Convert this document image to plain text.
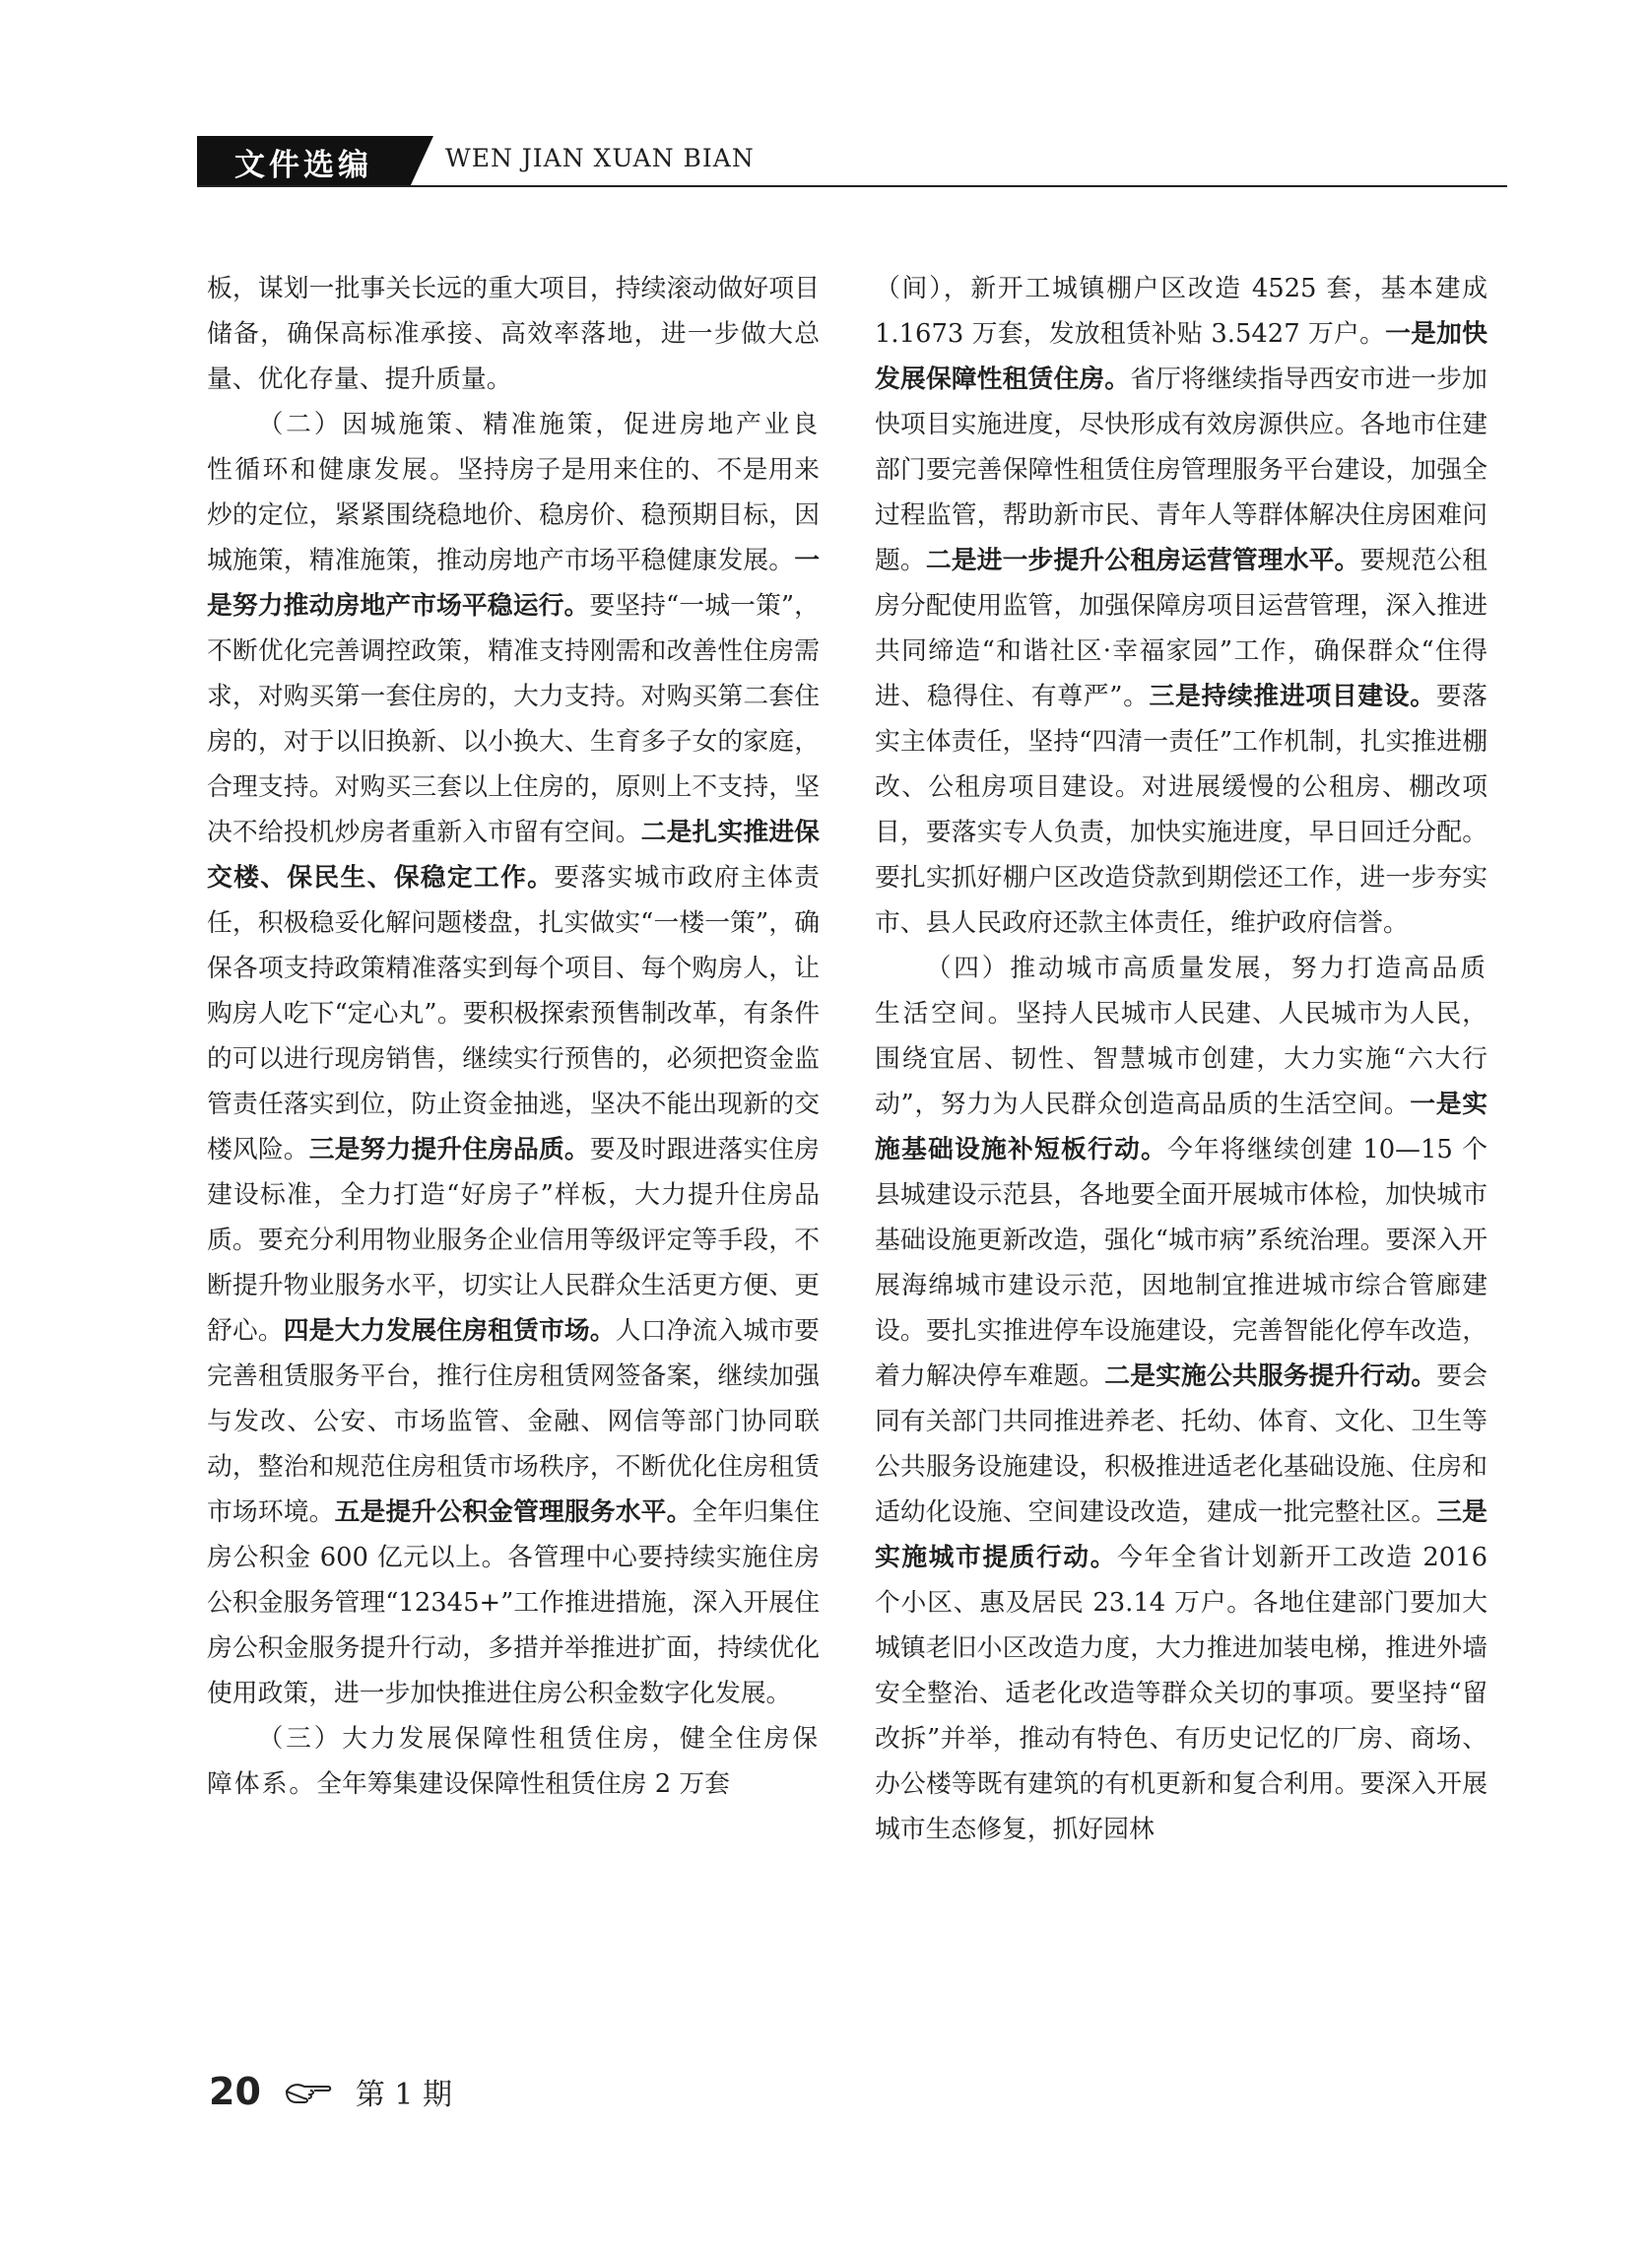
文件选编	WEN JIAN XUAN BIAN

板，谋划一批事关长远的重大项目，持续滚动做好项目储备，确保高标准承接、高效率落地，进一步做大总量、优化存量、提升质量。

（二）因城施策、精准施策，促进房地产业良性循环和健康发展。坚持房子是用来住的、不是用来炒的定位，紧紧围绕稳地价、稳房价、稳预期目标，因城施策，精准施策，推动房地产市场平稳健康发展。一是努力推动房地产市场平稳运行。要坚持“一城一策”，不断优化完善调控政策，精准支持刚需和改善性住房需求，对购买第一套住房的，大力支持。对购买第二套住房的，对于以旧换新、以小换大、生育多子女的家庭，合理支持。对购买三套以上住房的，原则上不支持，坚决不给投机炒房者重新入市留有空间。二是扎实推进保交楼、保民生、保稳定工作。要落实城市政府主体责任，积极稳妥化解问题楼盘，扎实做实“一楼一策”，确保各项支持政策精准落实到每个项目、每个购房人，让购房人吃下“定心丸”。要积极探索预售制改革，有条件的可以进行现房销售，继续实行预售的，必须把资金监管责任落实到位，防止资金抽逃，坚决不能出现新的交楼风险。三是努力提升住房品质。要及时跟进落实住房建设标准，全力打造“好房子”样板，大力提升住房品质。要充分利用物业服务企业信用等级评定等手段，不断提升物业服务水平，切实让人民群众生活更方便、更舒心。四是大力发展住房租赁市场。人口净流入城市要完善租赁服务平台，推行住房租赁网签备案，继续加强与发改、公安、市场监管、金融、网信等部门协同联动，整治和规范住房租赁市场秩序，不断优化住房租赁市场环境。五是提升公积金管理服务水平。全年归集住房公积金 600 亿元以上。各管理中心要持续实施住房公积金服务管理“12345+”工作推进措施，深入开展住房公积金服务提升行动，多措并举推进扩面，持续优化使用政策，进一步加快推进住房公积金数字化发展。

（三）大力发展保障性租赁住房，健全住房保障体系。全年筹集建设保障性租赁住房 2 万套

（间），新开工城镇棚户区改造 4525 套，基本建成 1.1673 万套，发放租赁补贴 3.5427 万户。一是加快发展保障性租赁住房。省厅将继续指导西安市进一步加快项目实施进度，尽快形成有效房源供应。各地市住建部门要完善保障性租赁住房管理服务平台建设，加强全过程监管，帮助新市民、青年人等群体解决住房困难问题。二是进一步提升公租房运营管理水平。要规范公租房分配使用监管，加强保障房项目运营管理，深入推进共同缔造“和谐社区·幸福家园”工作，确保群众“住得进、稳得住、有尊严”。三是持续推进项目建设。要落实主体责任，坚持“四清一责任”工作机制，扎实推进棚改、公租房项目建设。对进展缓慢的公租房、棚改项目，要落实专人负责，加快实施进度，早日回迁分配。要扎实抓好棚户区改造贷款到期偿还工作，进一步夯实市、县人民政府还款主体责任，维护政府信誉。

（四）推动城市高质量发展，努力打造高品质生活空间。坚持人民城市人民建、人民城市为人民，围绕宜居、韧性、智慧城市创建，大力实施“六大行动”，努力为人民群众创造高品质的生活空间。一是实施基础设施补短板行动。今年将继续创建 10—15 个县城建设示范县，各地要全面开展城市体检，加快城市基础设施更新改造，强化“城市病”系统治理。要深入开展海绵城市建设示范，因地制宜推进城市综合管廊建设。要扎实推进停车设施建设，完善智能化停车改造，着力解决停车难题。二是实施公共服务提升行动。要会同有关部门共同推进养老、托幼、体育、文化、卫生等公共服务设施建设，积极推进适老化基础设施、住房和适幼化设施、空间建设改造，建成一批完整社区。三是实施城市提质行动。今年全省计划新开工改造 2016 个小区、惠及居民 23.14 万户。各地住建部门要加大城镇老旧小区改造力度，大力推进加装电梯，推进外墙安全整治、适老化改造等群众关切的事项。要坚持“留改拆”并举，推动有特色、有历史记忆的厂房、商场、办公楼等既有建筑的有机更新和复合利用。要深入开展城市生态修复，抓好园林

20	第 1 期
